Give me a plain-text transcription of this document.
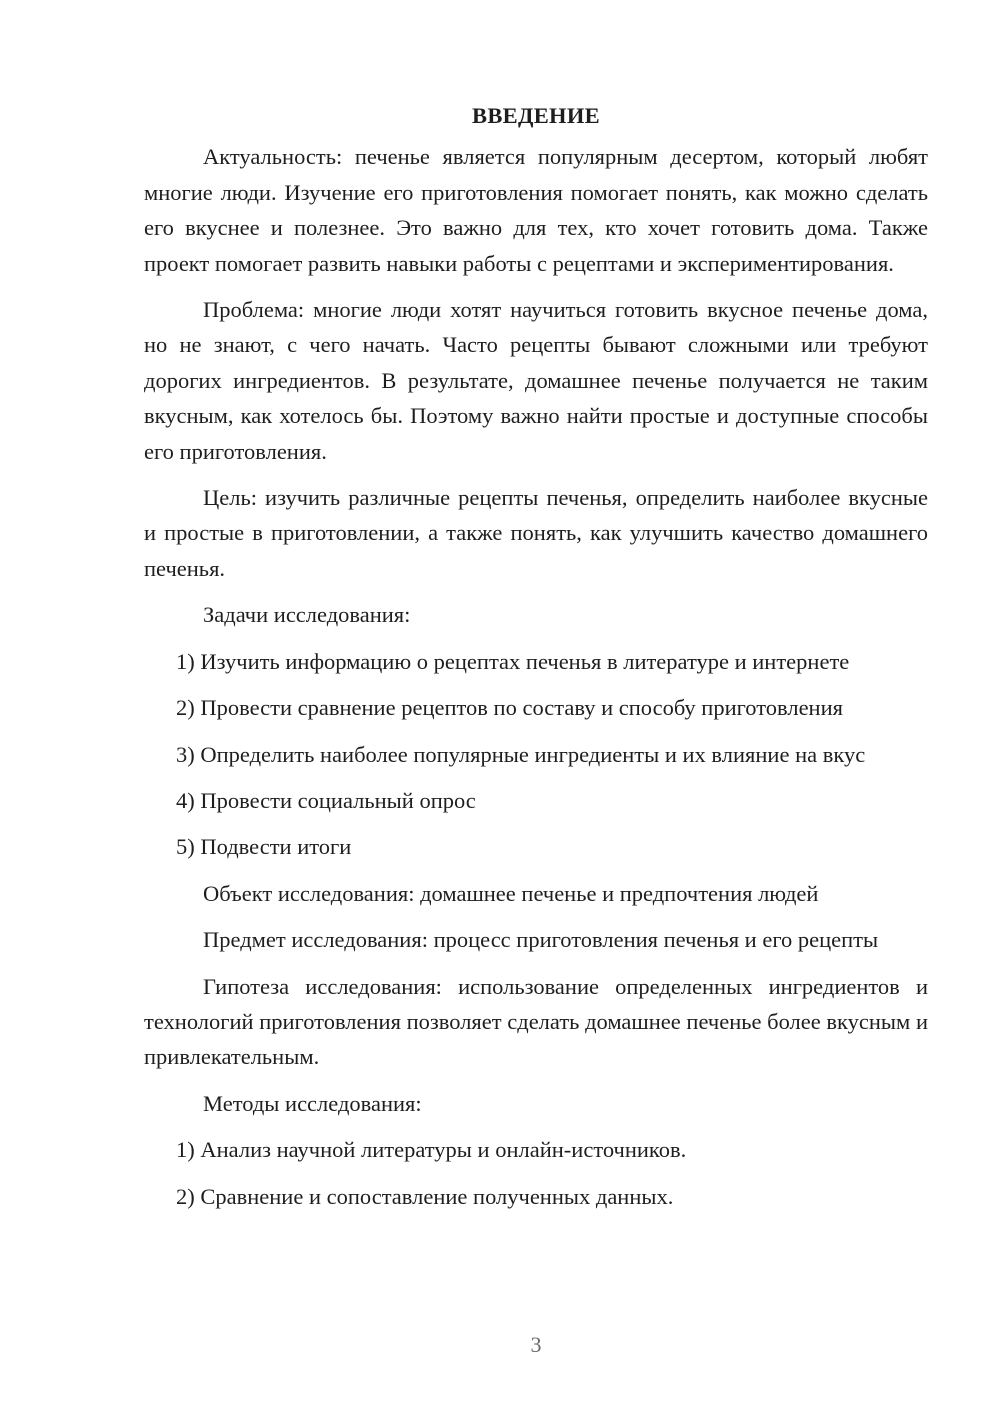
ВВЕДЕНИЕ

Актуальность: печенье является популярным десертом, который любят многие люди. Изучение его приготовления помогает понять, как можно сделать его вкуснее и полезнее. Это важно для тех, кто хочет готовить дома. Также проект помогает развить навыки работы с рецептами и экспериментирования.

Проблема: многие люди хотят научиться готовить вкусное печенье дома, но не знают, с чего начать. Часто рецепты бывают сложными или требуют дорогих ингредиентов. В результате, домашнее печенье получается не таким вкусным, как хотелось бы. Поэтому важно найти простые и доступные способы его приготовления.

Цель: изучить различные рецепты печенья, определить наиболее вкусные и простые в приготовлении, а также понять, как улучшить качество домашнего печенья.

Задачи исследования:

1) Изучить информацию о рецептах печенья в литературе и интернете

2) Провести сравнение рецептов по составу и способу приготовления

3) Определить наиболее популярные ингредиенты и их влияние на вкус

4) Провести социальный опрос

5) Подвести итоги

Объект исследования: домашнее печенье и предпочтения людей

Предмет исследования: процесс приготовления печенья и его рецепты

Гипотеза исследования: использование определенных ингредиентов и технологий приготовления позволяет сделать домашнее печенье более вкусным и привлекательным.

Методы исследования:

1) Анализ научной литературы и онлайн-источников.

2) Сравнение и сопоставление полученных данных.

3
